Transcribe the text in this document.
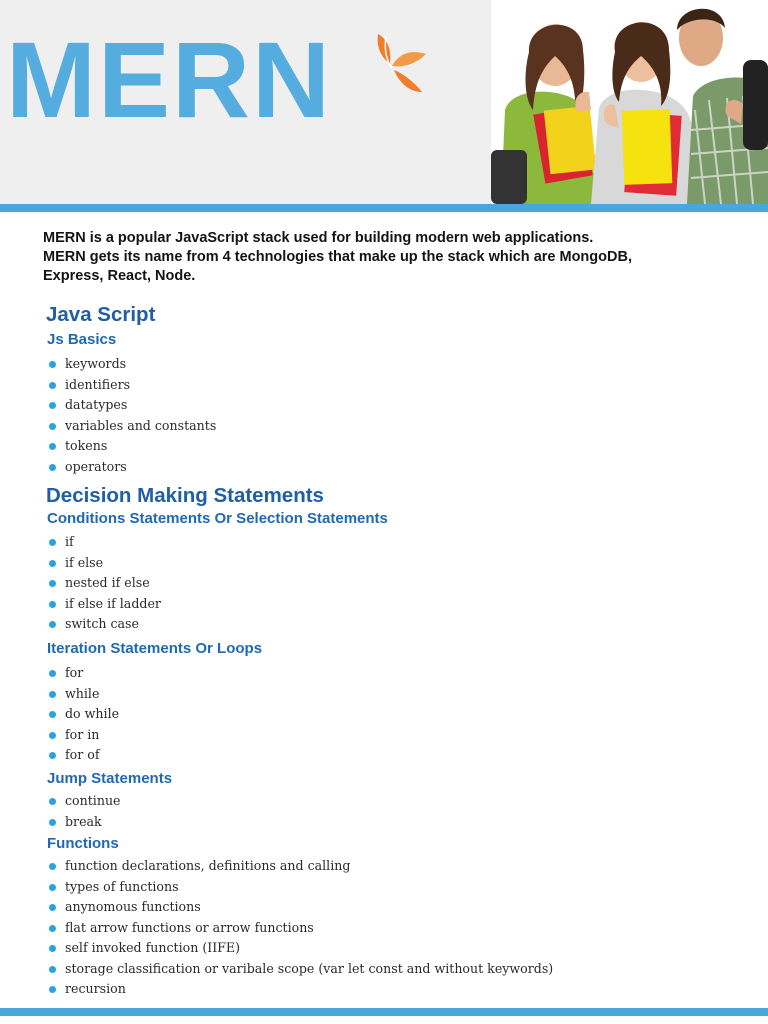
MERN

MERN is a popular JavaScript stack used for building modern web applications.

MERN gets its name from 4 technologies that make up the stack which are MongoDB,

Express, React, Node.

Java Script
Js Basics
keywords
identifiers
datatypes
variables and constants
tokens
operators
Decision Making Statements
Conditions Statements Or Selection Statements
if
if else
nested if else
if else if ladder
switch case
Iteration Statements Or Loops
for
while
do while
for in
for of
Jump Statements
continue
break
Functions
function declarations, definitions and calling
types of functions
anynomous functions
flat arrow functions or arrow functions
self invoked function (IIFE)
storage classification or varibale scope (var let const and without keywords)
recursion
